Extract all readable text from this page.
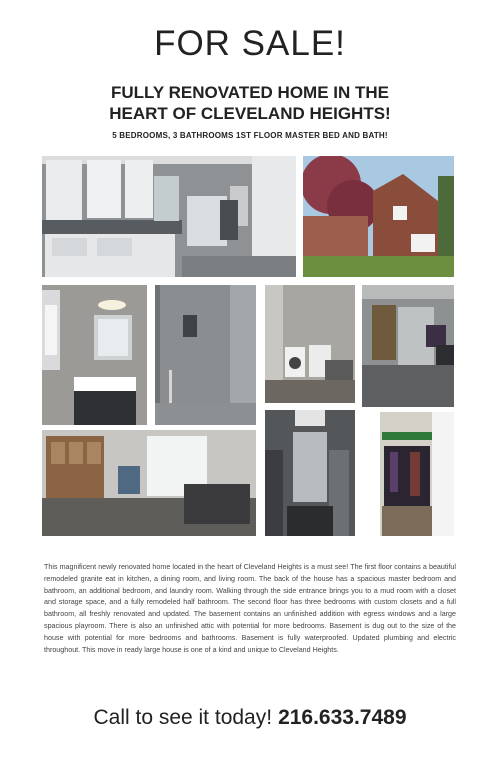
FOR SALE!
FULLY RENOVATED HOME IN THE
HEART OF CLEVELAND HEIGHTS!
5 BEDROOMS, 3 BATHROOMS 1ST FLOOR MASTER BED AND BATH!
This magnificent newly renovated home located in the heart of Cleveland Heights is a must see! The first floor contains a beautiful remodeled granite eat in kitchen, a dining room, and living room. The back of the house has a spacious master bedroom and bathroom, an additional bedroom, and laundry room. Walking through the side entrance brings you to a mud room with a closet and storage space, and a fully remodeled half bathroom. The second floor has three bedrooms with custom closets and a full bathroom, all freshly renovated and updated. The basement contains an unfinished addition with egress windows and a large spacious playroom. There is also an unfinished attic with potential for more bedrooms. Basement is dug out to the size of the house with potential for more bedrooms and bathrooms. Basement is fully waterproofed. Updated plumbing and electric throughout. This move in ready large house is one of a kind and unique to Cleveland Heights.
Call to see it today! 216.633.7489
